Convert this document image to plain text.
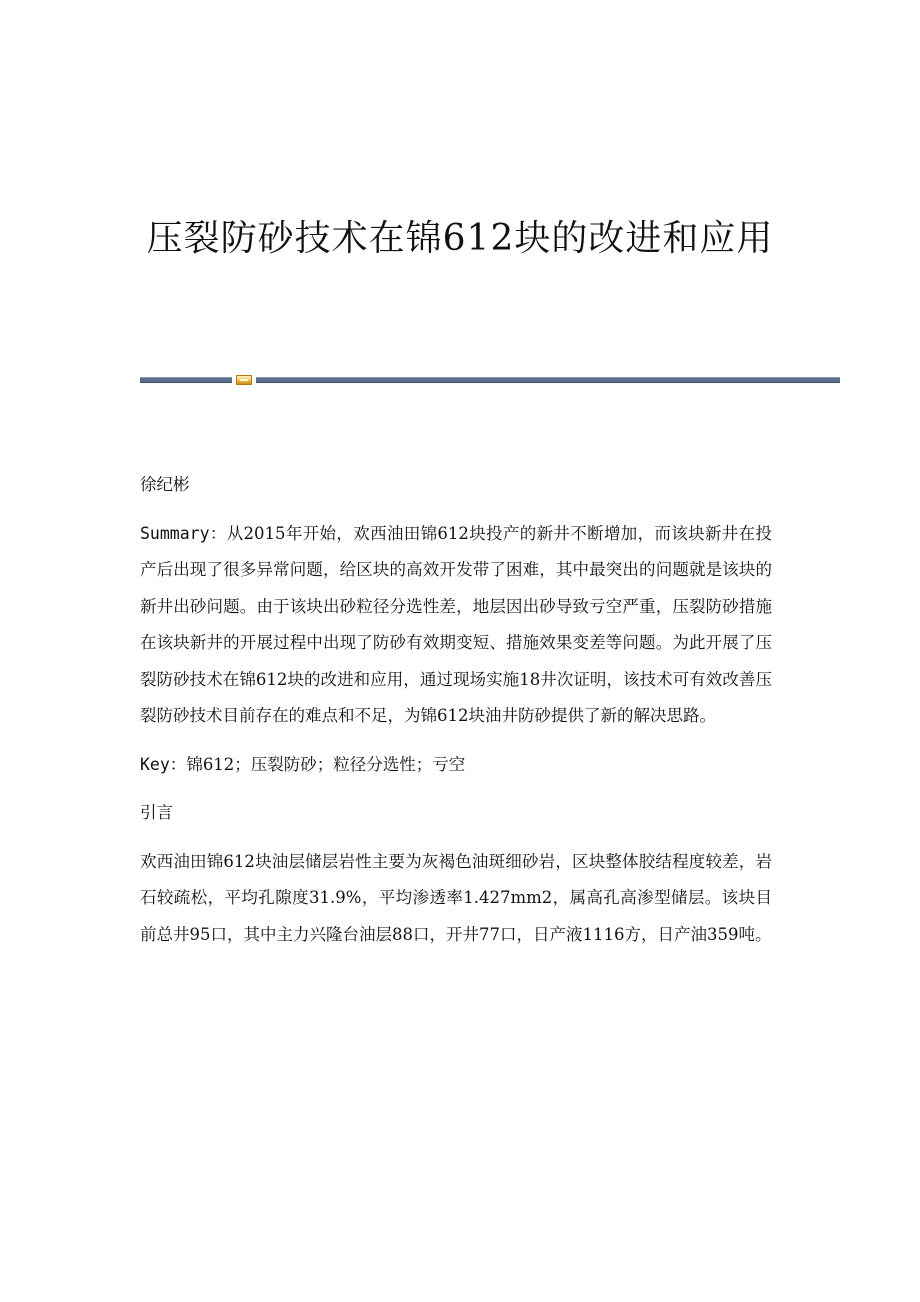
压裂防砂技术在锦612块的改进和应用

徐纪彬

Summary：从2015年开始，欢西油田锦612块投产的新井不断增加，而该块新井在投产后出现了很多异常问题，给区块的高效开发带了困难，其中最突出的问题就是该块的新井出砂问题。由于该块出砂粒径分选性差，地层因出砂导致亏空严重，压裂防砂措施在该块新井的开展过程中出现了防砂有效期变短、措施效果变差等问题。为此开展了压裂防砂技术在锦612块的改进和应用，通过现场实施18井次证明，该技术可有效改善压裂防砂技术目前存在的难点和不足，为锦612块油井防砂提供了新的解决思路。

Key：锦612；压裂防砂；粒径分选性；亏空

引言

欢西油田锦612块油层储层岩性主要为灰褐色油斑细砂岩，区块整体胶结程度较差，岩石较疏松，平均孔隙度31.9%，平均渗透率1.427mm2，属高孔高渗型储层。该块目前总井95口，其中主力兴隆台油层88口，开井77口，日产液1116方，日产油359吨。
